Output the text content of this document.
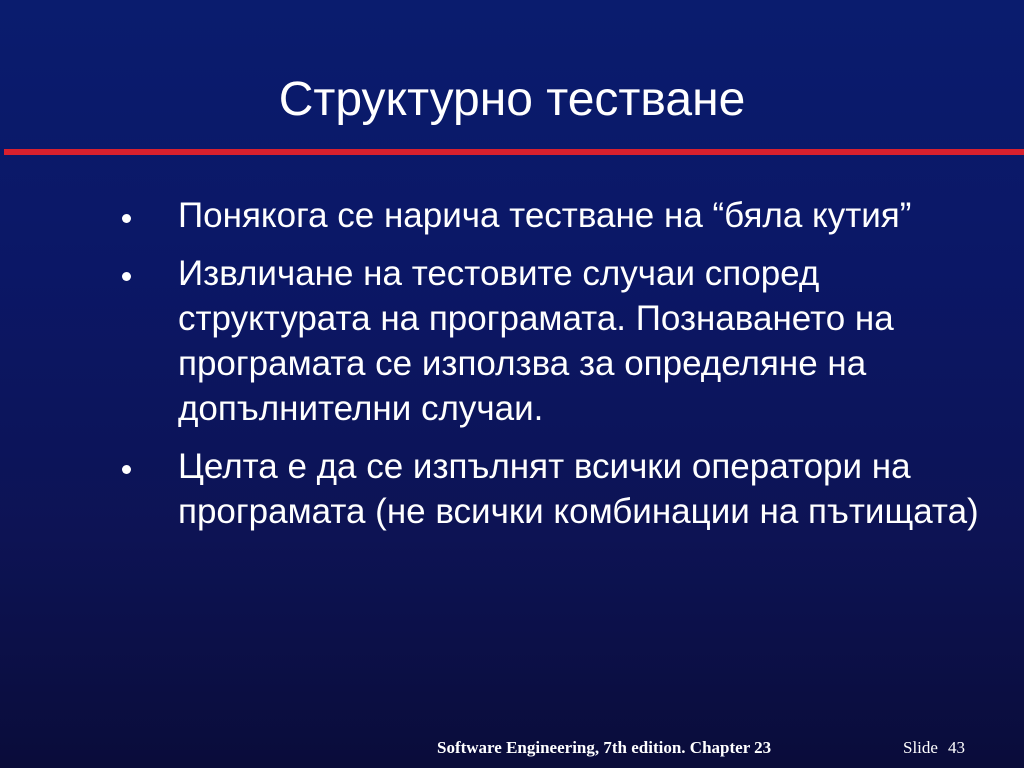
Структурно тестване
Понякога се нарича тестване на “бяла кутия”
Извличане на тестовите случаи според структурата на програмата. Познаването на програмата се използва за определяне на допълнителни случаи.
Целта е да се изпълнят всички оператори на програмата (не всички комбинации на пътищата)
Software Engineering, 7th edition. Chapter 23	Slide 43
